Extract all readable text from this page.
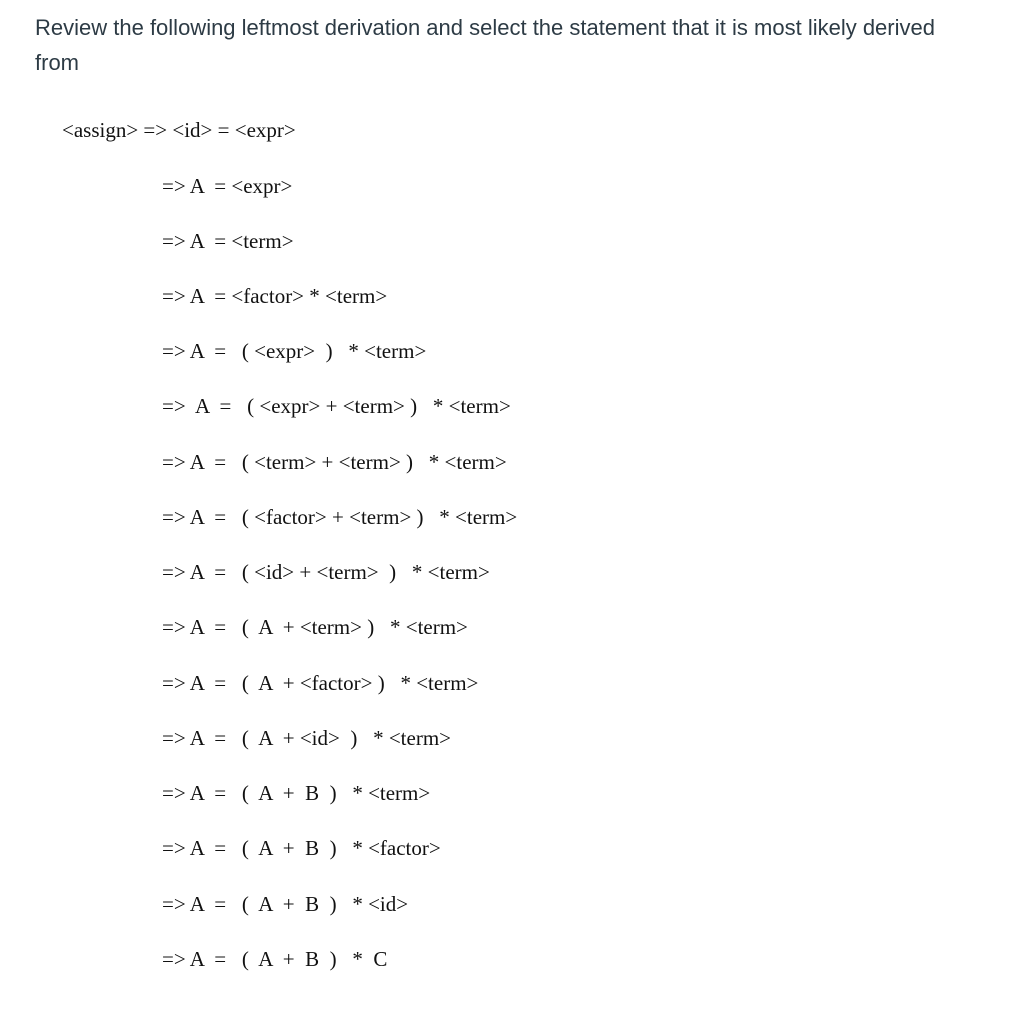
Review the following leftmost derivation and select the statement that it is most likely derived from

<assign> => <id> = <expr>
=> A  = <expr>
=> A  = <term>
=> A  = <factor> * <term>
=> A  =   ( <expr>  )   * <term>
=>  A  =   ( <expr> + <term> )   * <term>
=> A  =   ( <term> + <term> )   * <term>
=> A  =   ( <factor> + <term> )   * <term>
=> A  =   ( <id> + <term>  )   * <term>
=> A  =   (  A  + <term> )   * <term>
=> A  =   (  A  + <factor> )   * <term>
=> A  =   (  A  + <id>  )   * <term>
=> A  =   (  A  +  B  )   * <term>
=> A  =   (  A  +  B  )   * <factor>
=> A  =   (  A  +  B  )   * <id>
=> A  =   (  A  +  B  )   *  C
